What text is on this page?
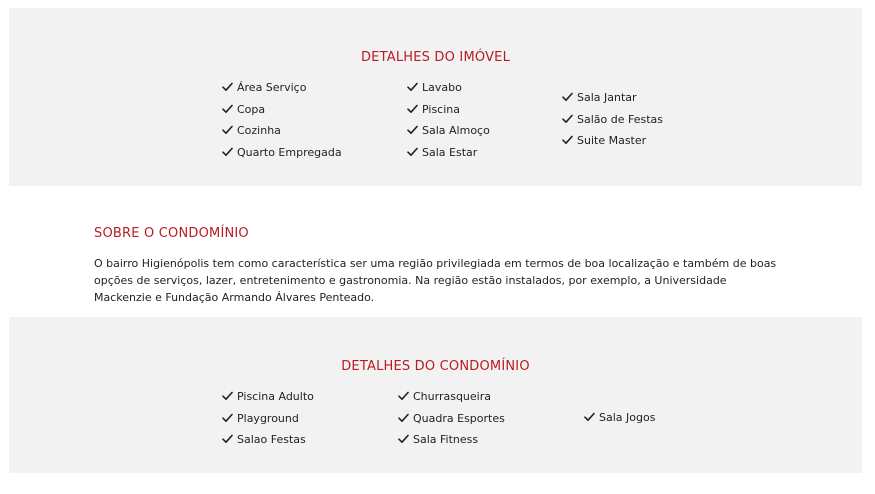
DETALHES DO IMÓVEL
Área Serviço
Copa
Cozinha
Quarto Empregada
Lavabo
Piscina
Sala Almoço
Sala Estar
Sala Jantar
Salão de Festas
Suite Master
SOBRE O CONDOMÍNIO

O bairro Higienópolis tem como característica ser uma região privilegiada em termos de boa localização e também de boas opções de serviços, lazer, entretenimento e gastronomia. Na região estão instalados, por exemplo, a Universidade Mackenzie e Fundação Armando Álvares Penteado.

DETALHES DO CONDOMÍNIO
Piscina Adulto
Playground
Salao Festas
Churrasqueira
Quadra Esportes
Sala Fitness
Sala Jogos
